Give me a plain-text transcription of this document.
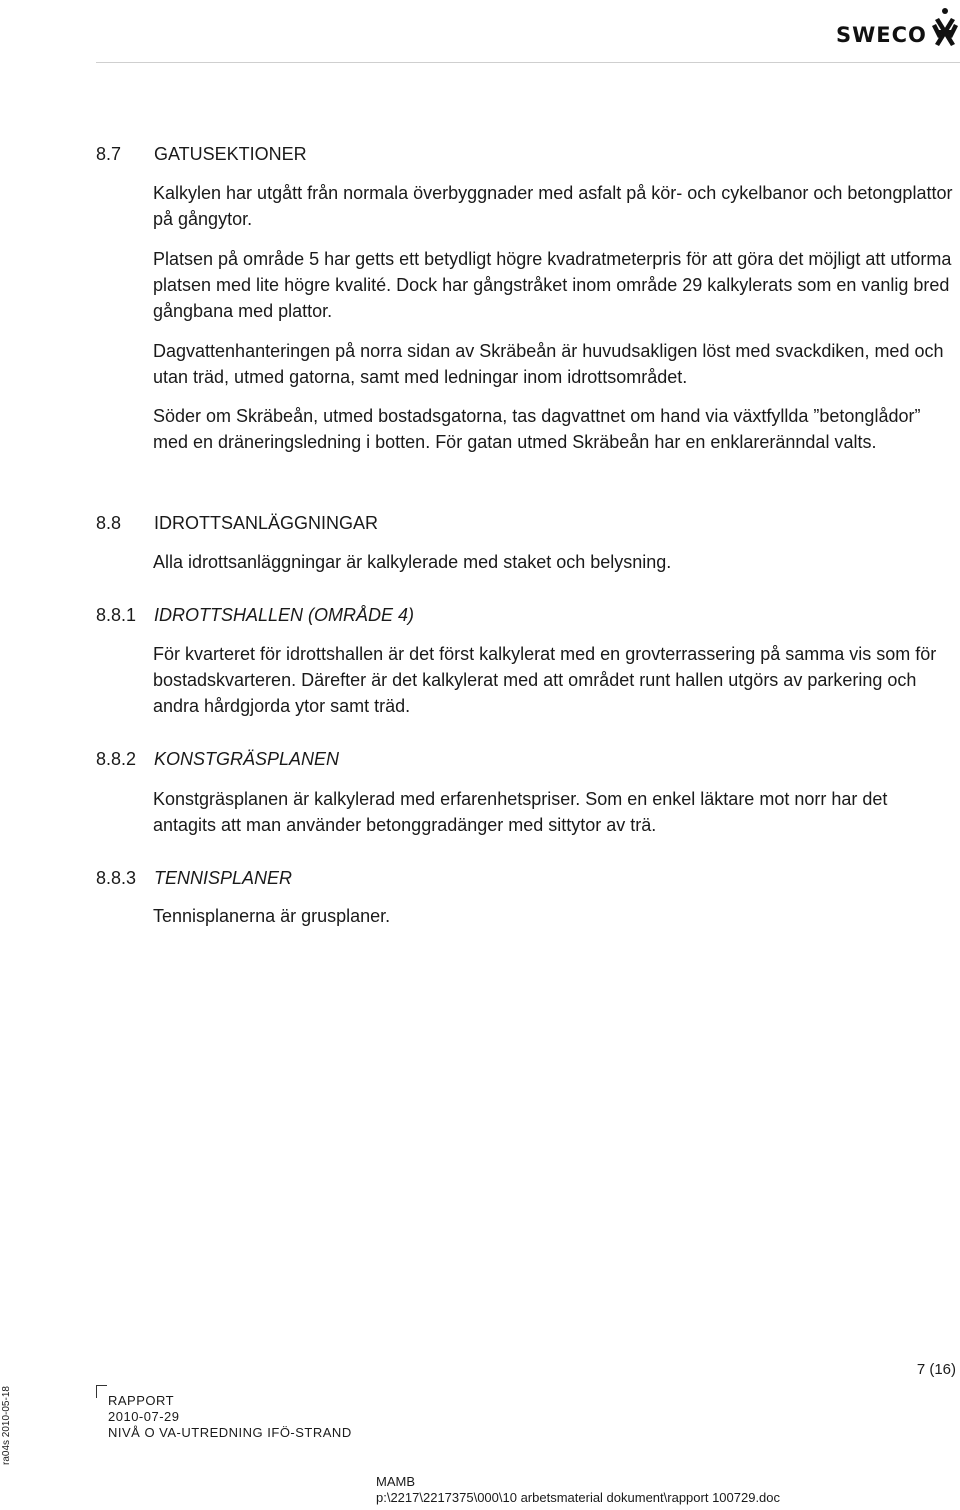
SWECO
8.7 GATUSEKTIONER

Kalkylen har utgått från normala överbyggnader med asfalt på kör- och cykelbanor och betongplattor på gångytor.

Platsen på område 5 har getts ett betydligt högre kvadratmeterpris för att göra det möjligt att utforma platsen med lite högre kvalité. Dock har gångstråket inom område 29 kalkylerats som en vanlig bred gångbana med plattor.

Dagvattenhanteringen på norra sidan av Skräbeån är huvudsakligen löst med svackdiken, med och utan träd, utmed gatorna, samt med ledningar inom idrottsområdet.

Söder om Skräbeån, utmed bostadsgatorna, tas dagvattnet om hand via växtfyllda ”betonglådor” med en dräneringsledning i botten. För gatan utmed Skräbeån har en enklareränndal valts.

8.8 IDROTTSANLÄGGNINGAR

Alla idrottsanläggningar är kalkylerade med staket och belysning.

8.8.1 IDROTTSHALLEN (OMRÅDE 4)

För kvarteret för idrottshallen är det först kalkylerat med en grovterrassering på samma vis som för bostadskvarteren. Därefter är det kalkylerat med att området runt hallen utgörs av parkering och andra hårdgjorda ytor samt träd.

8.8.2 KONSTGRÄSPLANEN

Konstgräsplanen är kalkylerad med erfarenhetspriser. Som en enkel läktare mot norr har det antagits att man använder betonggradänger med sittytor av trä.

8.8.3 TENNISPLANER

Tennisplanerna är grusplaner.

7 (16)
ra04s 2010-05-18	RAPPORT
2010-07-29
NIVÅ O VA-UTREDNING IFÖ-STRAND
MAMB
p:\2217\2217375\000\10 arbetsmaterial dokument\rapport 100729.doc
